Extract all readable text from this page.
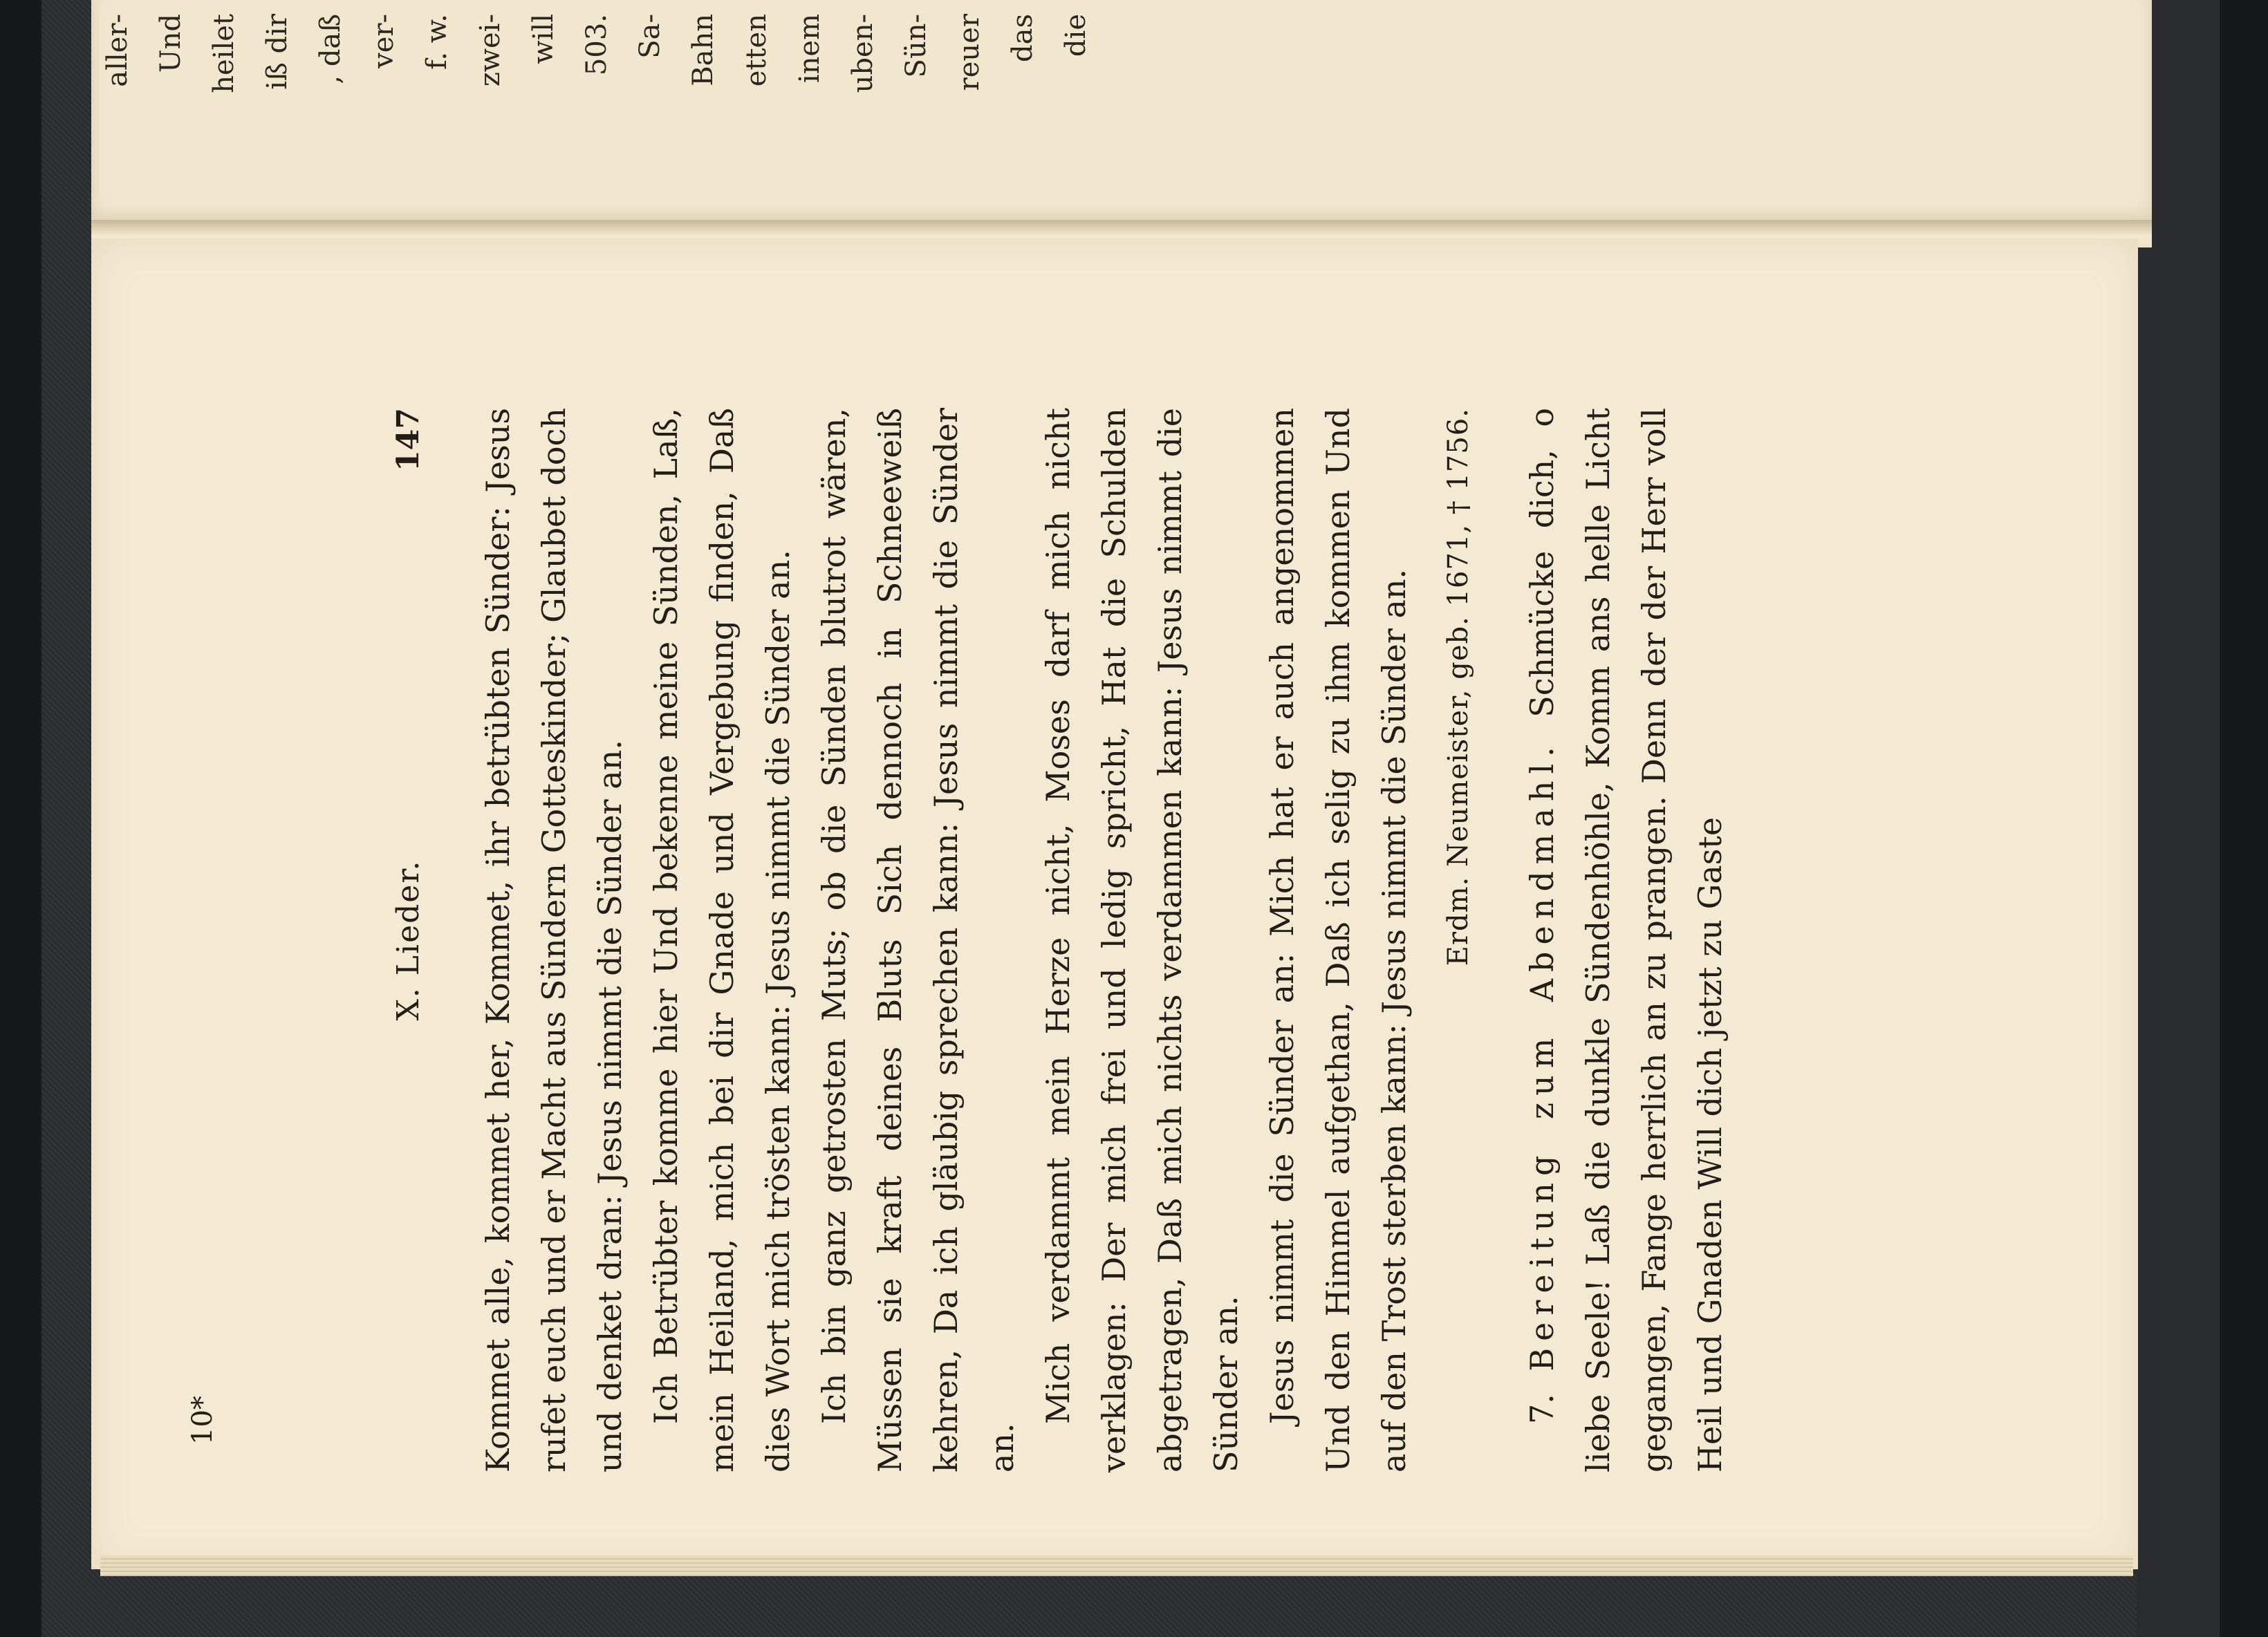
aller- Und heilet iß dir , daß ver- f. w. zwei- will 503. Sa- Bahn etten inem uben- Sün- reuer das die
X. Lieder.
147	Kommet alle, kommet her, Kommet, ihr betrübten Sünder: Jesus rufet euch und er Macht aus Sündern Gotteskinder; Glaubet doch und denket dran: Jesus nimmt die Sünder an. Ich Betrübter komme hier Und bekenne meine Sünden, Laß, mein Heiland, mich bei dir Gnade und Vergebung finden, Daß dies Wort mich trösten kann: Jesus nimmt die Sünder an. Ich bin ganz getrosten Muts; ob die Sünden blutrot wären, Müssen sie kraft deines Bluts Sich dennoch in Schneeweiß kehren, Da ich gläubig sprechen kann: Jesus nimmt die Sünder an.

Mich verdammt mein Herze nicht, Moses darf mich nicht verklagen: Der mich frei und ledig spricht, Hat die Schulden abgetragen, Daß mich nichts verdammen kann: Jesus nimmt die Sünder an. Jesus nimmt die Sünder an: Mich hat er auch angenommen Und den Himmel aufgethan, Daß ich selig zu ihm kommen Und auf den Trost sterben kann: Jesus nimmt die Sünder an.	Erdm. Neumeister, geb. 1671, † 1756.

7. Bereitung zum Abendmahl. Schmücke dich, o liebe Seele! Laß die dunkle Sündenhöhle, Komm ans helle Licht gegangen, Fange herrlich an zu prangen. Denn der der Herr voll Heil und Gnaden Will dich jetzt zu Gaste

10*
